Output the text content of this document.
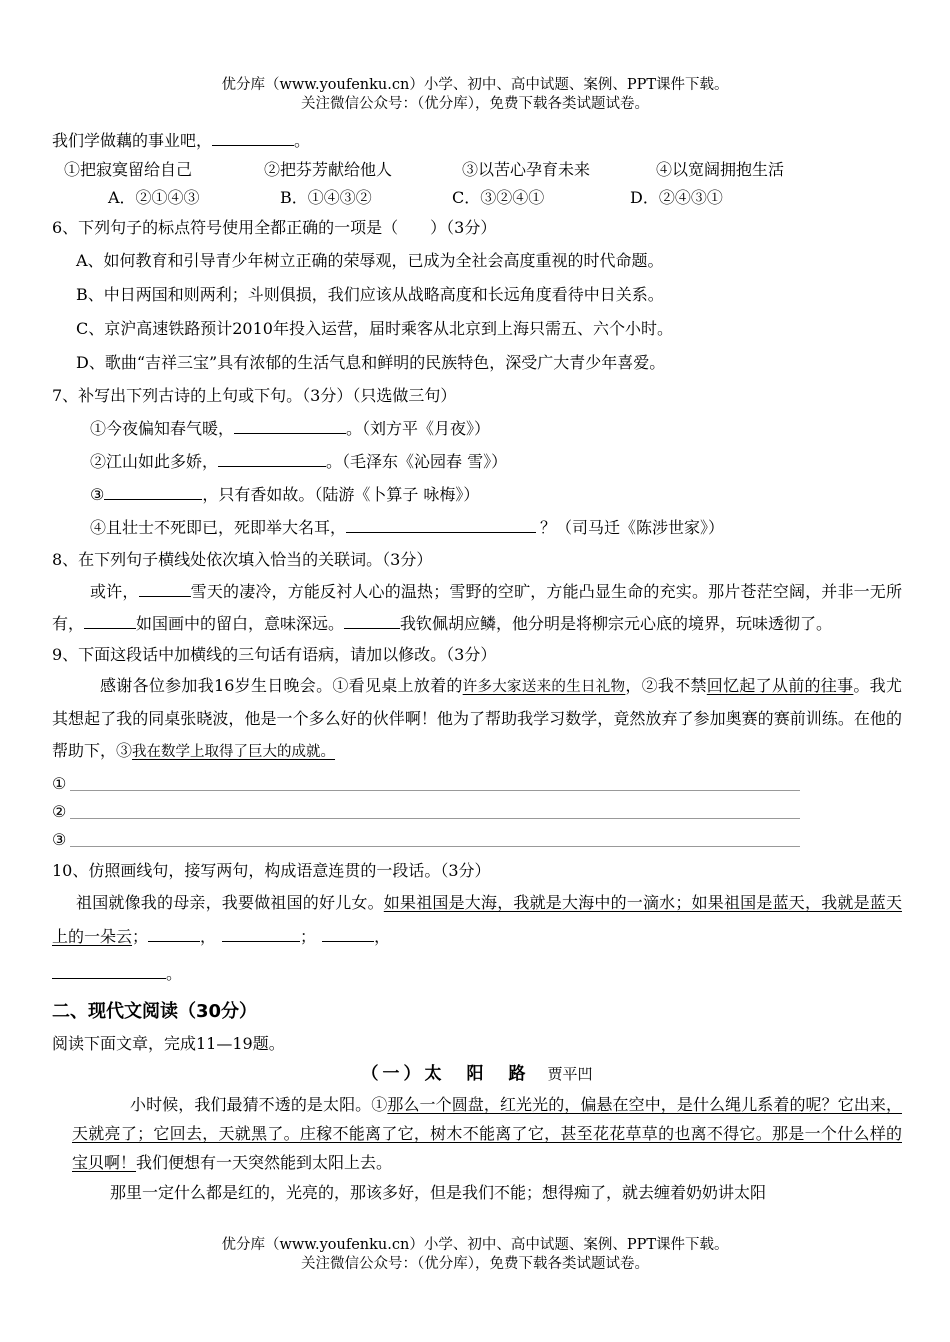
优分库（www.youfenku.cn）小学、初中、高中试题、案例、PPT课件下载。
关注微信公众号：（优分库），免费下载各类试题试卷。

我们学做藕的事业吧，	。

①把寂寞留给自己	②把芬芳献给他人	③以苦心孕育未来	④以宽阔拥抱生活

A．②①④③	B．①④③②	C．③②④①	D．②④③①

6、下列句子的标点符号使用全都正确的一项是（　　）（3分）

A、如何教育和引导青少年树立正确的荣辱观，已成为全社会高度重视的时代命题。

B、中日两国和则两利；斗则俱损，我们应该从战略高度和长远角度看待中日关系。

C、京沪高速铁路预计2010年投入运营，届时乘客从北京到上海只需五、六个小时。

D、歌曲“吉祥三宝”具有浓郁的生活气息和鲜明的民族特色，深受广大青少年喜爱。

7、补写出下列古诗的上句或下句。（3分）（只选做三句）

①今夜偏知春气暖，	。（刘方平《月夜》）

②江山如此多娇，	。（毛泽东《沁园春 雪》）

③	，只有香如故。（陆游《卜算子 咏梅》）

④且壮士不死即已，死即举大名耳，	？（司马迁《陈涉世家》）

8、在下列句子横线处依次填入恰当的关联词。（3分）

或许，	雪天的凄冷，方能反衬人心的温热；雪野的空旷，方能凸显生命的充实。那片苍茫空阔，并非一无所有，	如国画中的留白，意味深远。	我钦佩胡应鳞，他分明是将柳宗元心底的境界，玩味透彻了。

9、下面这段话中加横线的三句话有语病，请加以修改。（3分）

感谢各位参加我16岁生日晚会。①看见桌上放着的许多大家送来的生日礼物，②我不禁回忆起了从前的往事。我尤其想起了我的同桌张晓波，他是一个多么好的伙伴啊！他为了帮助我学习数学，竟然放弃了参加奥赛的赛前训练。在他的帮助下，③我在数学上取得了巨大的成就。

①
②
③

10、仿照画线句，接写两句，构成语意连贯的一段话。（3分）

祖国就像我的母亲，我要做祖国的好儿女。如果祖国是大海，我就是大海中的一滴水；如果祖国是蓝天，我就是蓝天上的一朵云；	，	；	，

。

二、现代文阅读（30分）

阅读下面文章，完成11—19题。

（一）太　阳　路 贾平凹

小时候，我们最猜不透的是太阳。①那么一个圆盘，红光光的，偏悬在空中，是什么绳儿系着的呢？它出来，天就亮了；它回去，天就黑了。庄稼不能离了它，树木不能离了它，甚至花花草草的也离不得它。那是一个什么样的宝贝啊！我们便想有一天突然能到太阳上去。

那里一定什么都是红的，光亮的，那该多好，但是我们不能；想得痴了，就去缠着奶奶讲太阳

优分库（www.youfenku.cn）小学、初中、高中试题、案例、PPT课件下载。
关注微信公众号：（优分库），免费下载各类试题试卷。
